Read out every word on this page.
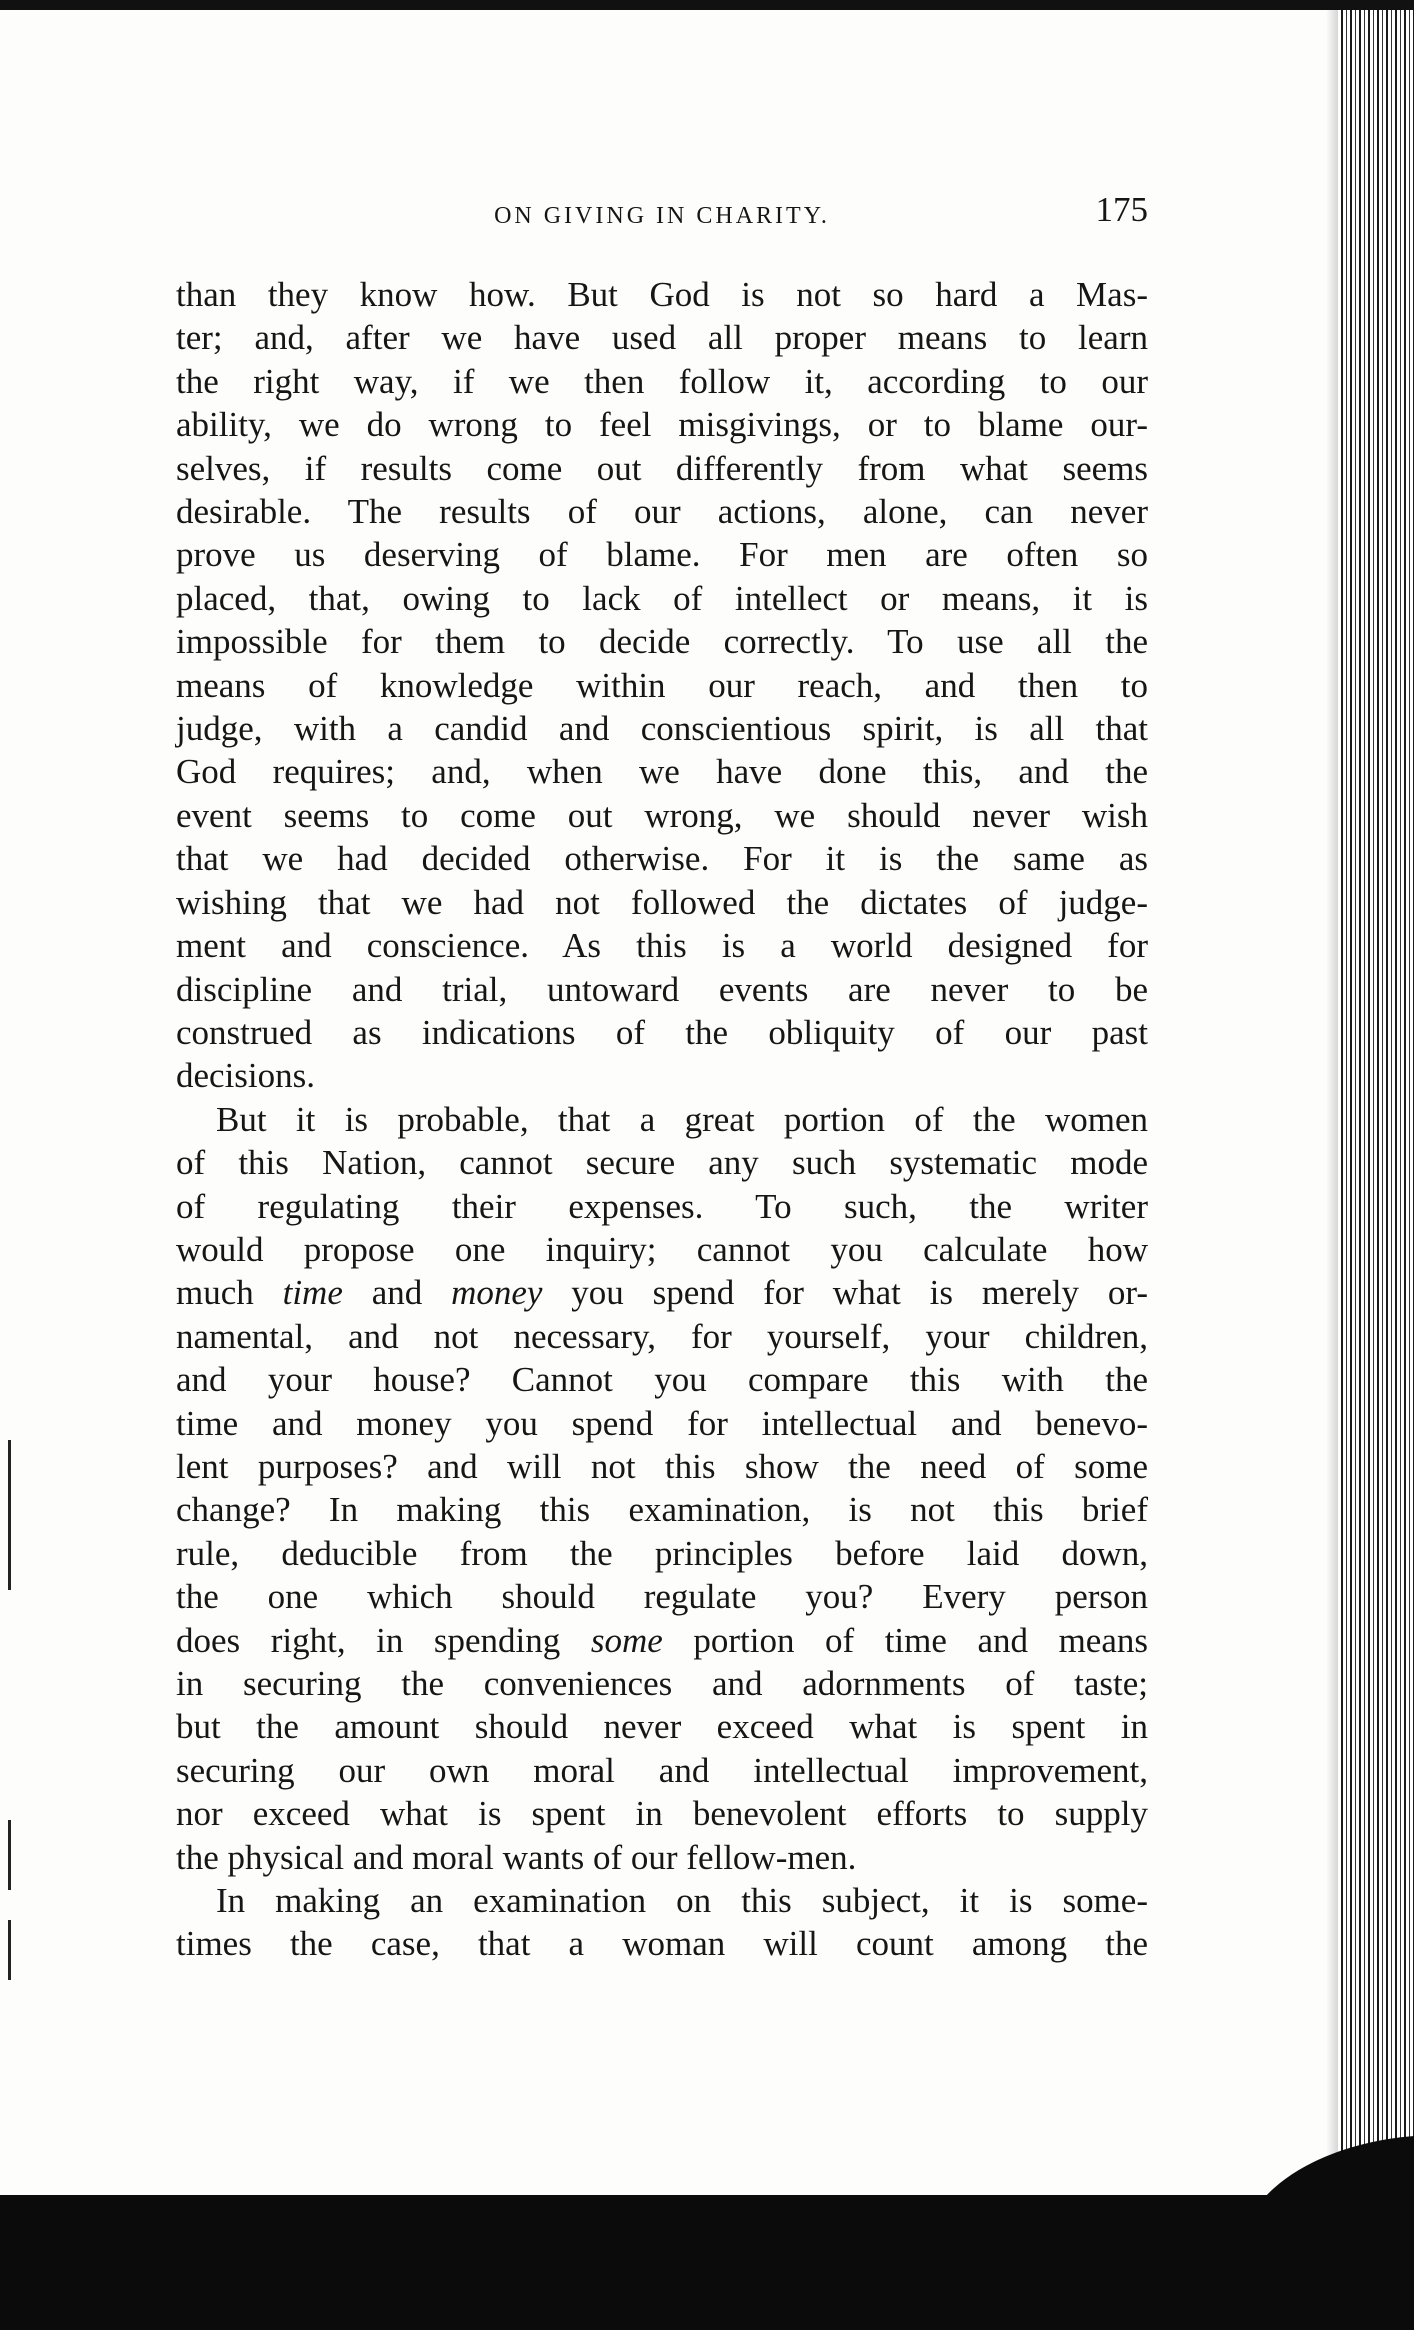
ON GIVING IN CHARITY.	175

than they know how. But God is not so hard a Mas-
ter; and, after we have used all proper means to learn
the right way, if we then follow it, according to our
ability, we do wrong to feel misgivings, or to blame our-
selves, if results come out differently from what seems
desirable. The results of our actions, alone, can never
prove us deserving of blame. For men are often so
placed, that, owing to lack of intellect or means, it is
impossible for them to decide correctly. To use all the
means of knowledge within our reach, and then to
judge, with a candid and conscientious spirit, is all that
God requires; and, when we have done this, and the
event seems to come out wrong, we should never wish
that we had decided otherwise. For it is the same as
wishing that we had not followed the dictates of judge-
ment and conscience. As this is a world designed for
discipline and trial, untoward events are never to be
construed as indications of the obliquity of our past
decisions.

But it is probable, that a great portion of the women
of this Nation, cannot secure any such systematic mode
of regulating their expenses. To such, the writer
would propose one inquiry; cannot you calculate how
much time and money you spend for what is merely or-
namental, and not necessary, for yourself, your children,
and your house? Cannot you compare this with the
time and money you spend for intellectual and benevo-
lent purposes? and will not this show the need of some
change? In making this examination, is not this brief
rule, deducible from the principles before laid down,
the one which should regulate you? Every person
does right, in spending some portion of time and means
in securing the conveniences and adornments of taste;
but the amount should never exceed what is spent in
securing our own moral and intellectual improvement,
nor exceed what is spent in benevolent efforts to supply
the physical and moral wants of our fellow-men.

In making an examination on this subject, it is some-
times the case, that a woman will count among the
